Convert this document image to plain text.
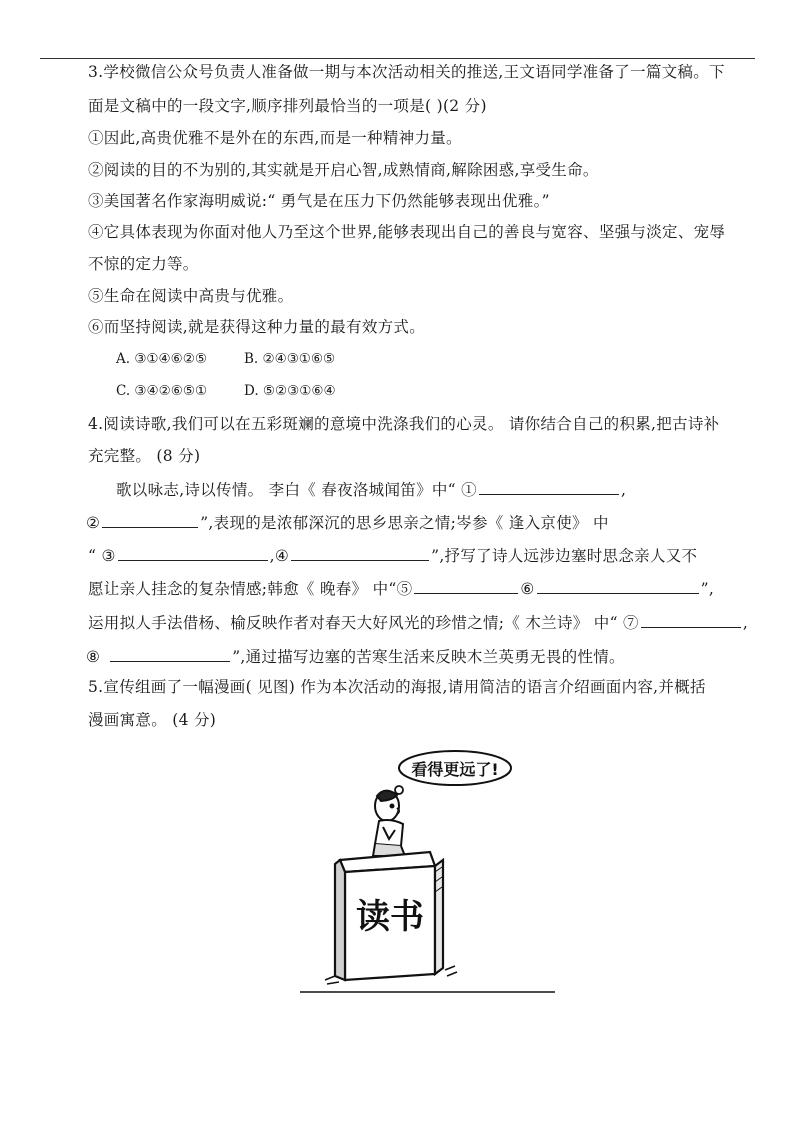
3.学校微信公众号负责人准备做一期与本次活动相关的推送,王文语同学准备了一篇文稿。下
面是文稿中的一段文字,顺序排列最恰当的一项是( )(2 分)
①因此,高贵优雅不是外在的东西,而是一种精神力量。
②阅读的目的不为别的,其实就是开启心智,成熟情商,解除困惑,享受生命。
③美国著名作家海明威说:“ 勇气是在压力下仍然能够表现出优雅。”
④它具体表现为你面对他人乃至这个世界,能够表现出自己的善良与宽容、坚强与淡定、宠辱
不惊的定力等。
⑤生命在阅读中高贵与优雅。
⑥而坚持阅读,就是获得这种力量的最有效方式。
A. ③①④⑥②⑤	B. ②④③①⑥⑤
C. ③④②⑥⑤①	D. ⑤②③①⑥④
4.阅读诗歌,我们可以在五彩斑斓的意境中洗涤我们的心灵。 请你结合自己的积累,把古诗补
充完整。 (8 分)
歌以咏志,诗以传情。 李白《 春夜洛城闻笛》中“ ①	,
②	”,表现的是浓郁深沉的思乡思亲之情;岑参《 逢入京使》 中
“ ③	,④	”,抒写了诗人远涉边塞时思念亲人又不
愿让亲人挂念的复杂情感;韩愈《 晚春》 中“⑤	⑥	”,
运用拟人手法借杨、榆反映作者对春天大好风光的珍惜之情;《 木兰诗》 中“ ⑦	,
⑧	”,通过描写边塞的苦寒生活来反映木兰英勇无畏的性情。
5.宣传组画了一幅漫画( 见图) 作为本次活动的海报,请用简洁的语言介绍画面内容,并概括
漫画寓意。 (4 分)
看得更远了!
读书
